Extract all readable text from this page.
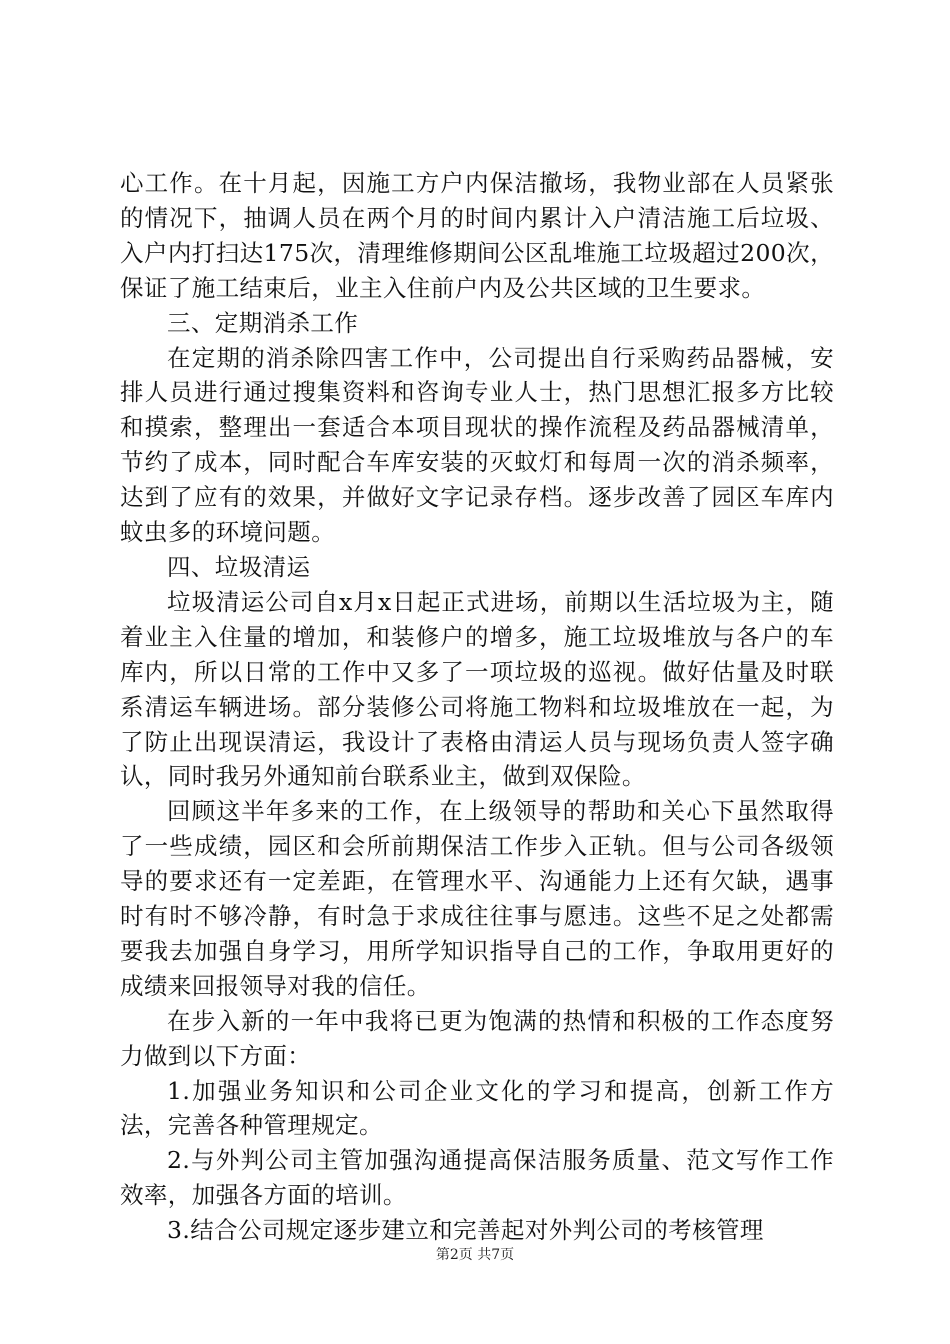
心工作。在十月起，因施工方户内保洁撤场，我物业部在人员紧张的情况下，抽调人员在两个月的时间内累计入户清洁施工后垃圾、入户内打扫达175次，清理维修期间公区乱堆施工垃圾超过200次，保证了施工结束后，业主入住前户内及公共区域的卫生要求。

三、定期消杀工作

在定期的消杀除四害工作中，公司提出自行采购药品器械，安排人员进行通过搜集资料和咨询专业人士，热门思想汇报多方比较和摸索，整理出一套适合本项目现状的操作流程及药品器械清单，节约了成本，同时配合车库安装的灭蚊灯和每周一次的消杀频率，达到了应有的效果，并做好文字记录存档。逐步改善了园区车库内蚊虫多的环境问题。

四、垃圾清运

垃圾清运公司自x月x日起正式进场，前期以生活垃圾为主，随着业主入住量的增加，和装修户的增多，施工垃圾堆放与各户的车库内，所以日常的工作中又多了一项垃圾的巡视。做好估量及时联系清运车辆进场。部分装修公司将施工物料和垃圾堆放在一起，为了防止出现误清运，我设计了表格由清运人员与现场负责人签字确认，同时我另外通知前台联系业主，做到双保险。

回顾这半年多来的工作，在上级领导的帮助和关心下虽然取得了一些成绩，园区和会所前期保洁工作步入正轨。但与公司各级领导的要求还有一定差距，在管理水平、沟通能力上还有欠缺，遇事时有时不够冷静，有时急于求成往往事与愿违。这些不足之处都需要我去加强自身学习，用所学知识指导自己的工作，争取用更好的成绩来回报领导对我的信任。

在步入新的一年中我将已更为饱满的热情和积极的工作态度努力做到以下方面：

1.加强业务知识和公司企业文化的学习和提高，创新工作方法，完善各种管理规定。

2.与外判公司主管加强沟通提高保洁服务质量、范文写作工作效率，加强各方面的培训。

3.结合公司规定逐步建立和完善起对外判公司的考核管理

第2页 共7页
